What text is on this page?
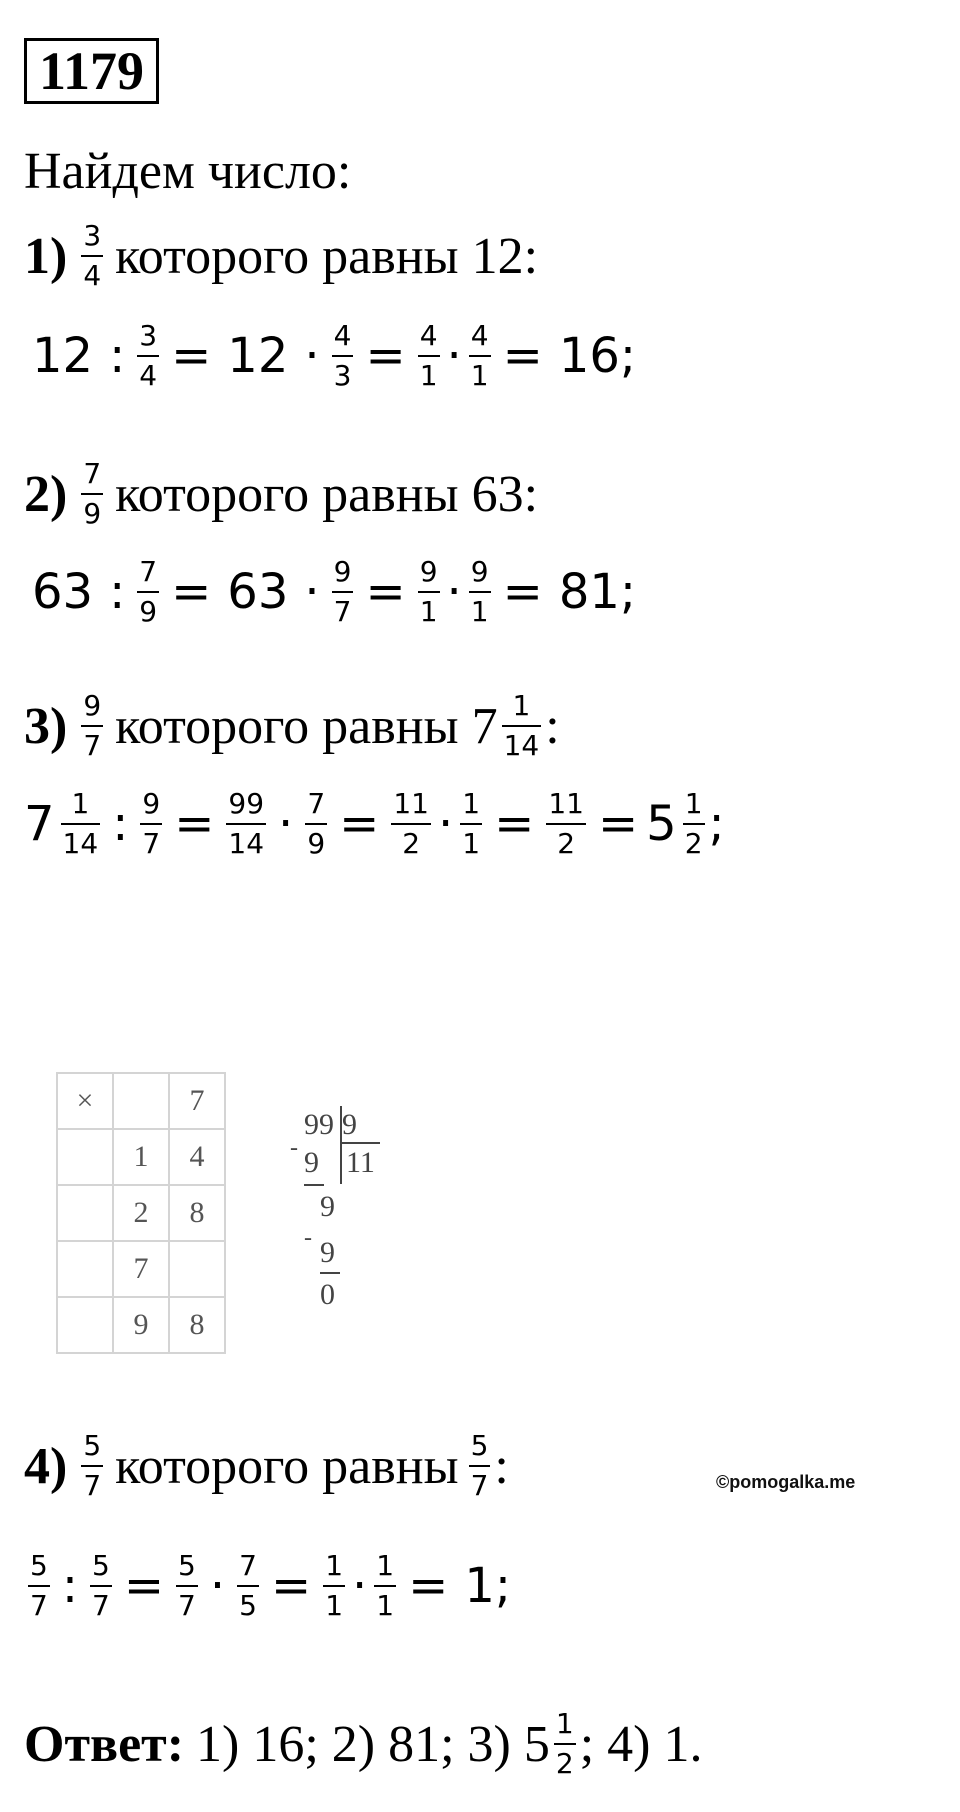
1179
Найдем число:
$1) \frac{3}{4}$ которого равны 12:
12 : $\frac{3}{4} = 12 \cdot \frac{4}{3} = \frac{4}{1} \cdot \frac{4}{1} = 16$;
$2) \frac{7}{9}$ которого равны 63:
63 : $\frac{7}{9} = 63 \cdot \frac{9}{7} = \frac{9}{1} \cdot \frac{9}{1} = 81$;
$3) \frac{9}{7}$ которого равны $7 \frac{1}{14}$ :
$7 \frac{1}{14}$ : $\frac{9}{7} = \frac{99}{14} \cdot \frac{7}{9} = \frac{11}{2} \cdot \frac{1}{1} = \frac{11}{2} = 5 \frac{1}{2}$ ;
×		7
	1	4
	2	8
	7	
	9	8
99 9
- 9 11
9
- 9
0
$4) \frac{5}{7}$ которого равны $\frac{5}{7}$ :	©pomogalka.me
$\frac{5}{7}$ : $\frac{5}{7} = \frac{5}{7} \cdot \frac{7}{5} = \frac{1}{1} \cdot \frac{1}{1} = 1$;
Ответ: 1) 16; 2) 81; 3) $5 \frac{1}{2}$ ; 4) 1.
